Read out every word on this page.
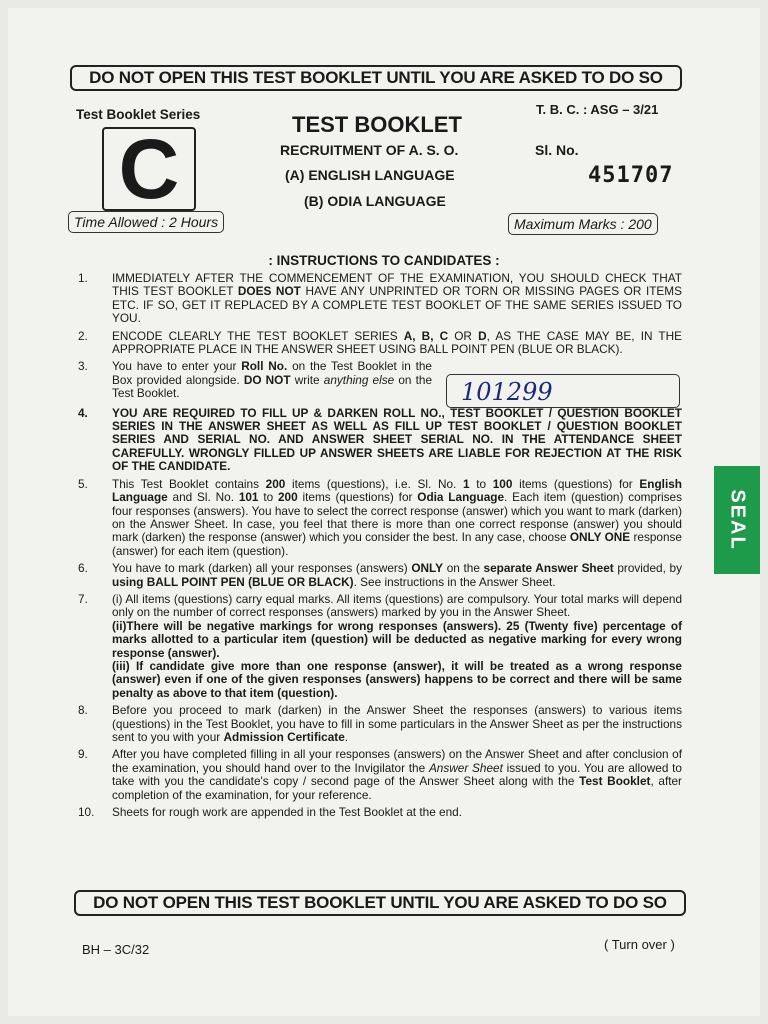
DO NOT OPEN THIS TEST BOOKLET UNTIL YOU ARE ASKED TO DO SO
Test Booklet Series
C
T. B. C. : ASG – 3/21
TEST BOOKLET
RECRUITMENT OF A. S. O.
(A) ENGLISH LANGUAGE
(B) ODIA LANGUAGE
Sl. No.
451707
Time Allowed : 2 Hours	Maximum Marks : 200
: INSTRUCTIONS TO CANDIDATES :
1. IMMEDIATELY AFTER THE COMMENCEMENT OF THE EXAMINATION, YOU SHOULD CHECK THAT THIS TEST BOOKLET DOES NOT HAVE ANY UNPRINTED OR TORN OR MISSING PAGES OR ITEMS ETC. IF SO, GET IT REPLACED BY A COMPLETE TEST BOOKLET OF THE SAME SERIES ISSUED TO YOU.
2. ENCODE CLEARLY THE TEST BOOKLET SERIES A, B, C OR D, AS THE CASE MAY BE, IN THE APPROPRIATE PLACE IN THE ANSWER SHEET USING BALL POINT PEN (BLUE OR BLACK).
3. You have to enter your Roll No. on the Test Booklet in the Box provided alongside. DO NOT write anything else on the Test Booklet.
4. YOU ARE REQUIRED TO FILL UP & DARKEN ROLL NO., TEST BOOKLET / QUESTION BOOKLET SERIES IN THE ANSWER SHEET AS WELL AS FILL UP TEST BOOKLET / QUESTION BOOKLET SERIES AND SERIAL NO. AND ANSWER SHEET SERIAL NO. IN THE ATTENDANCE SHEET CAREFULLY. WRONGLY FILLED UP ANSWER SHEETS ARE LIABLE FOR REJECTION AT THE RISK OF THE CANDIDATE.
5. This Test Booklet contains 200 items (questions), i.e. Sl. No. 1 to 100 items (questions) for English Language and Sl. No. 101 to 200 items (questions) for Odia Language. Each item (question) comprises four responses (answers). You have to select the correct response (answer) which you want to mark (darken) on the Answer Sheet. In case, you feel that there is more than one correct response (answer) you should mark (darken) the response (answer) which you consider the best. In any case, choose ONLY ONE response (answer) for each item (question).
6. You have to mark (darken) all your responses (answers) ONLY on the separate Answer Sheet provided, by using BALL POINT PEN (BLUE OR BLACK). See instructions in the Answer Sheet.
7. (i) All items (questions) carry equal marks. All items (questions) are compulsory. Your total marks will depend only on the number of correct responses (answers) marked by you in the Answer Sheet.
(ii)There will be negative markings for wrong responses (answers). 25 (Twenty five) percentage of marks allotted to a particular item (question) will be deducted as negative marking for every wrong response (answer).
(iii) If candidate give more than one response (answer), it will be treated as a wrong response (answer) even if one of the given responses (answers) happens to be correct and there will be same penalty as above to that item (question).
8. Before you proceed to mark (darken) in the Answer Sheet the responses (answers) to various items (questions) in the Test Booklet, you have to fill in some particulars in the Answer Sheet as per the instructions sent to you with your Admission Certificate.
9. After you have completed filling in all your responses (answers) on the Answer Sheet and after conclusion of the examination, you should hand over to the Invigilator the Answer Sheet issued to you. You are allowed to take with you the candidate's copy / second page of the Answer Sheet along with the Test Booklet, after completion of the examination, for your reference.
10. Sheets for rough work are appended in the Test Booklet at the end.
101299
DO NOT OPEN THIS TEST BOOKLET UNTIL YOU ARE ASKED TO DO SO
BH – 3C/32	( Turn over )
SEAL
